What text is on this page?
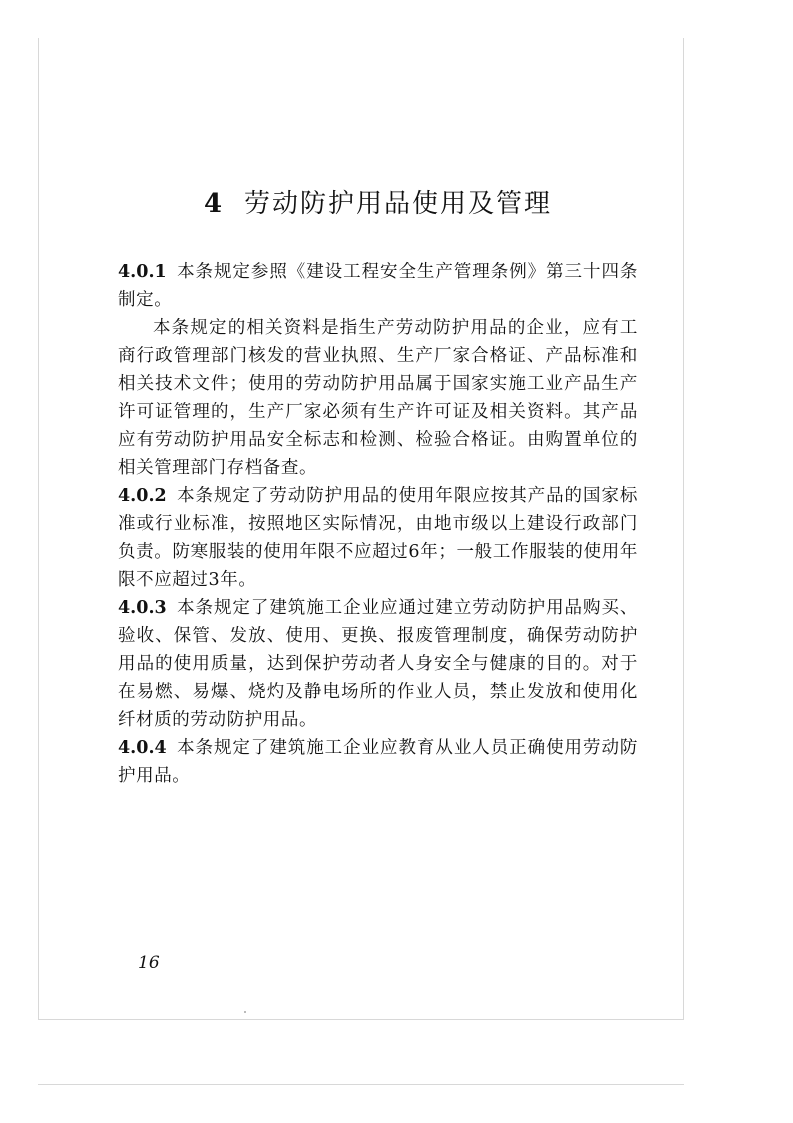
4 劳动防护用品使用及管理

4.0.1 本条规定参照《建设工程安全生产管理条例》第三十四条制定。

本条规定的相关资料是指生产劳动防护用品的企业，应有工商行政管理部门核发的营业执照、生产厂家合格证、产品标准和相关技术文件；使用的劳动防护用品属于国家实施工业产品生产许可证管理的，生产厂家必须有生产许可证及相关资料。其产品应有劳动防护用品安全标志和检测、检验合格证。由购置单位的相关管理部门存档备查。

4.0.2 本条规定了劳动防护用品的使用年限应按其产品的国家标准或行业标准，按照地区实际情况，由地市级以上建设行政部门负责。防寒服装的使用年限不应超过6年；一般工作服装的使用年限不应超过3年。

4.0.3 本条规定了建筑施工企业应通过建立劳动防护用品购买、验收、保管、发放、使用、更换、报废管理制度，确保劳动防护用品的使用质量，达到保护劳动者人身安全与健康的目的。对于在易燃、易爆、烧灼及静电场所的作业人员，禁止发放和使用化纤材质的劳动防护用品。

4.0.4 本条规定了建筑施工企业应教育从业人员正确使用劳动防护用品。

16
